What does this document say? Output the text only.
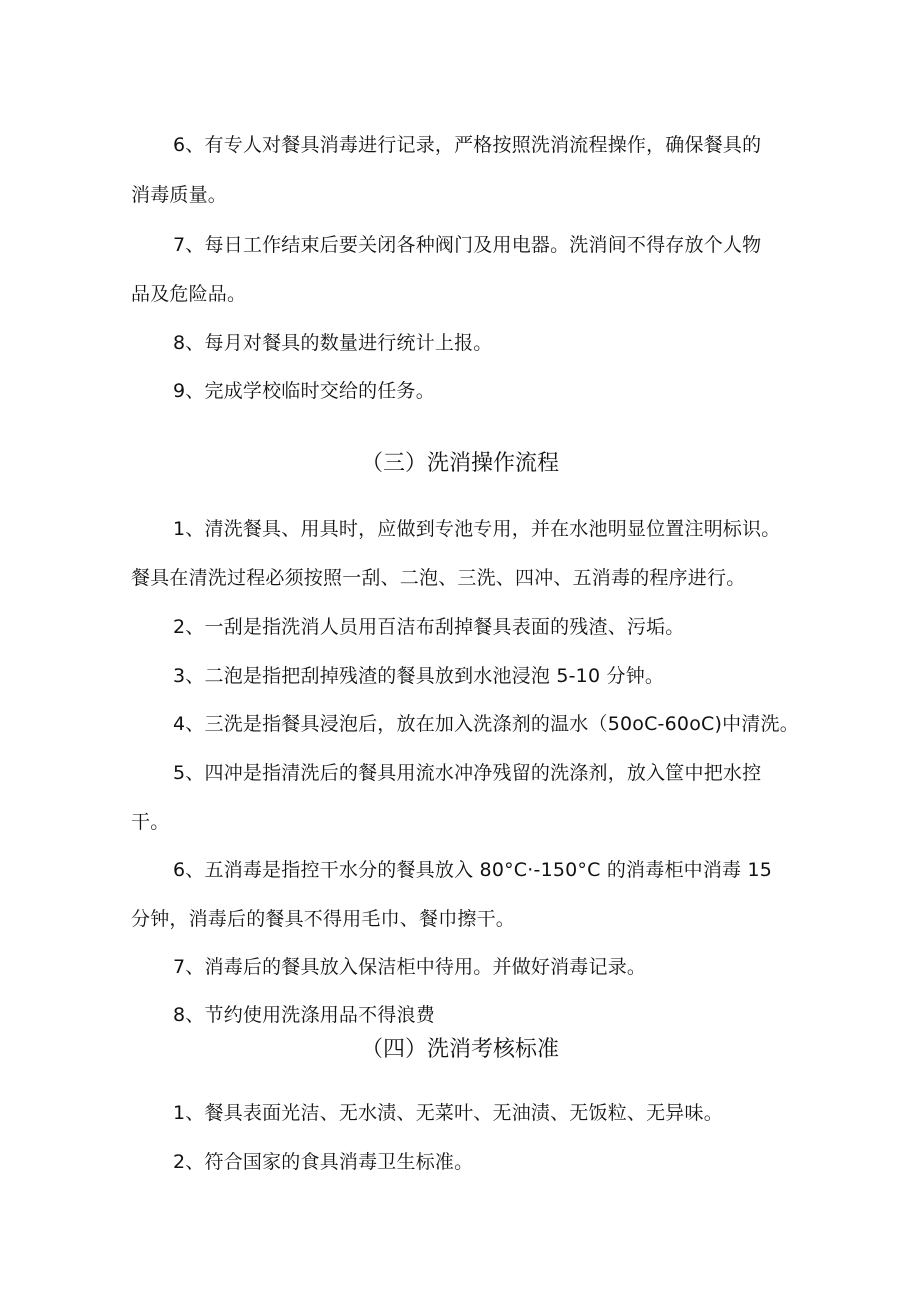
6、有专人对餐具消毒进行记录，严格按照洗消流程操作，确保餐具的
消毒质量。
7、每日工作结束后要关闭各种阀门及用电器。洗消间不得存放个人物
品及危险品。
8、每月对餐具的数量进行统计上报。
9、完成学校临时交给的任务。
（三）洗消操作流程
1、清洗餐具、用具时，应做到专池专用，并在水池明显位置注明标识。
餐具在清洗过程必须按照一刮、二泡、三洗、四冲、五消毒的程序进行。
2、一刮是指洗消人员用百洁布刮掉餐具表面的残渣、污垢。
3、二泡是指把刮掉残渣的餐具放到水池浸泡 5-10 分钟。
4、三洗是指餐具浸泡后，放在加入洗涤剂的温水（50oC-60oC)中清洗。
5、四冲是指清洗后的餐具用流水冲净残留的洗涤剂，放入筐中把水控
干。
6、五消毒是指控干水分的餐具放入 80°C·-150°C 的消毒柜中消毒 15
分钟，消毒后的餐具不得用毛巾、餐巾擦干。
7、消毒后的餐具放入保洁柜中待用。并做好消毒记录。
8、节约使用洗涤用品不得浪费
（四）洗消考核标准
1、餐具表面光洁、无水渍、无菜叶、无油渍、无饭粒、无异味。
2、符合国家的食具消毒卫生标准。
